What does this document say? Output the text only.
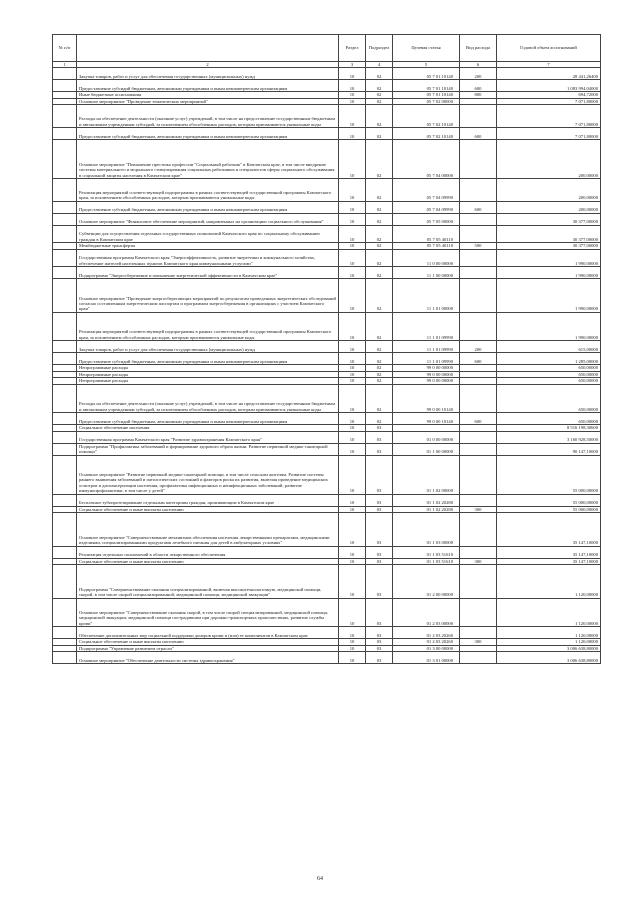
№ п/п		Раздел	Подраздел	Целевая статья	Вид расхода	Годовой объем ассигнований
1	2	3	4	5	6	7
	Закупка товаров, работ и услуг для обеспечения государственных (муниципальных) нужд	10	02	05 7 01 10140	200	28 441,26400
	Предоставление субсидий бюджетным, автономным учреждениям и иным некоммерческим организациям	10	02	05 7 01 10140	600	1 083 994,04000
	Иные бюджетные ассигнования	10	02	05 7 01 10140	800	694,72000
	Основное мероприятие "Проведение тематических мероприятий"	10	02	05 7 02 00000		7 071,80000
	Расходы на обеспечение деятельности (оказание услуг) учреждений, в том числе на предоставление государственным бюджетным и автономным учреждениям субсидий, за исключением обособленных расходов, которым присваиваются уникальные коды	10	02	05 7 02 10140		7 071,80000
	Предоставление субсидий бюджетным, автономным учреждениям и иным некоммерческим организациям	10	02	05 7 02 10140	600	7 071,80000
	Основное мероприятие "Повышение престижа профессии "Социальный работник" в Камчатском крае, в том числе внедрение системы материального и морального стимулирования социальных работников и специалистов сферы социального обслуживания в социальной защиты населения в Камчатском крае"	10	02	05 7 04 00000		200,00000
	Реализация мероприятий соответствующей подпрограммы в рамках соответствующей государственной программы Камчатского края, за исключением обособленных расходов, которым присваиваются уникальные коды	10	02	05 7 04 09990		200,00000
	Предоставление субсидий бюджетным, автономным учреждениям и иным некоммерческим организациям	10	02	05 7 04 09990	600	200,00000
	Основное мероприятие "Финансовое обеспечение мероприятий, направленных на организацию социального обслуживания"	10	02	05 7 05 00000		30 377,00000
	Субвенции для осуществления отдельных государственных полномочий Камчатского края по социальному обслуживанию граждан в Камчатском крае	10	02	05 7 05 40110		30 377,00000
	Межбюджетные трансферты	10	02	05 7 05 40110	500	30 377,00000
	Государственная программа Камчатского края "Энергоэффективность, развитие энергетики и коммунального хозяйства, обеспечение жителей населенных пунктов Камчатского края коммунальными услугами"	10	02	11 0 00 00000		1 990,00000
	Подпрограмма "Энергосбережение и повышение энергетической эффективности в Камчатском крае"	10	02	11 1 00 00000		1 990,00000
	Основное мероприятие "Проведение энергосберегающих мероприятий по результатам проведенных энергетических обследований согласно составленным энергетическим паспортам и программам энергосбережения в организациях с участием Камчатского края"	10	02	11 1 01 00000		1 990,00000
	Реализация мероприятий соответствующей подпрограммы в рамках соответствующей государственной программы Камчатского края, за исключением обособленных расходов, которым присваиваются уникальные коды	10	02	11 1 01 09990		1 990,00000
	Закупка товаров, работ и услуг для обеспечения государственных (муниципальных) нужд	10	02	11 1 01 09990	200	615,00000
	Предоставление субсидий бюджетным, автономным учреждениям и иным некоммерческим организациям	10	02	11 1 01 09990	600	1 285,00000
	Непрограммные расходы	10	02	99 0 00 00000		650,00000
	Непрограммные расходы	10	02	99 0 00 00000		650,00000
	Непрограммные расходы	10	02	99 0 00 00000		650,00000
	Расходы на обеспечение деятельности (оказание услуг) учреждений, в том числе на предоставление государственным бюджетным и автономным учреждениям субсидий, за исключением обособленных расходов, которым присваиваются уникальные коды	10	02	99 0 00 10140		650,00000
	Предоставление субсидий бюджетным, автономным учреждениям и иным некоммерческим организациям	10	02	99 0 00 10140	600	650,00000
	Социальное обеспечение населения	10	03			8 516 198,30600
	Государственная программа Камчатского края "Развитие здравоохранения Камчатского края"	10	03	01 0 00 00000		3 160 928,50000
	Подпрограмма "Профилактика заболеваний и формирование здорового образа жизни. Развитие первичной медико-санитарной помощи"	10	03	01 1 00 00000		90 147,10000
	Основное мероприятие "Развитие первичной медико-санитарной помощи, в том числе сельским жителям. Развитие системы раннего выявления заболеваний и патологических состояний и факторов риска их развития, включая проведение медицинских осмотров и диспансеризации населения, профилактика инфекционных и неинфекционных заболеваний, развитие иммунопрофилактики, в том числе у детей"	10	03	01 1 02 00000		55 000,00000
	Бесплатное зубопротезирование отдельным категориям граждан, проживающим в Камчатском крае	10	03	01 1 02 20280		55 000,00000
	Социальное обеспечение и иные выплаты населению	10	03	01 1 02 20280	300	55 000,00000
	Основное мероприятие "Совершенствование механизмов обеспечения населения лекарственными препаратами, медицинскими изделиями, специализированными продуктами лечебного питания для детей в амбулаторных условиях"	10	03	01 1 03 00000		35 147,10000
	Реализация отдельных полномочий в области лекарственного обеспечения	10	03	01 1 03 51610		35 147,10000
	Социальное обеспечение и иные выплаты населению	10	03	01 1 03 51610	300	35 147,10000
	Подпрограмма "Совершенствование оказания специализированной, включая высокотехнологичную, медицинской помощи, скорой, в том числе скорой специализированной, медицинской помощи, медицинской эвакуации"	10	03	01 2 00 00000		1 120,00000
	Основное мероприятие "Совершенствование оказания скорой, в том числе скорой специализированной, медицинской помощи, медицинской эвакуации, медицинской помощи пострадавшим при дорожно-транспортных происшествиях, развитие службы крови"	10	03	01 2 03 00000		1 120,00000
	Обеспечение дополнительных мер социальной поддержки доноров крови и (или) ее компонентов в Камчатском крае	10	03	01 2 03 20260		1 120,00000
	Социальное обеспечение и иные выплаты населению	10	03	01 2 03 20260	300	1 120,00000
	Подпрограмма "Управление развитием отрасли"	10	03	01 3 00 00000		3 006 638,80000
	Основное мероприятие "Обеспечение деятельности системы здравоохранения"	10	03	01 3 01 00000		3 006 638,80000
64
